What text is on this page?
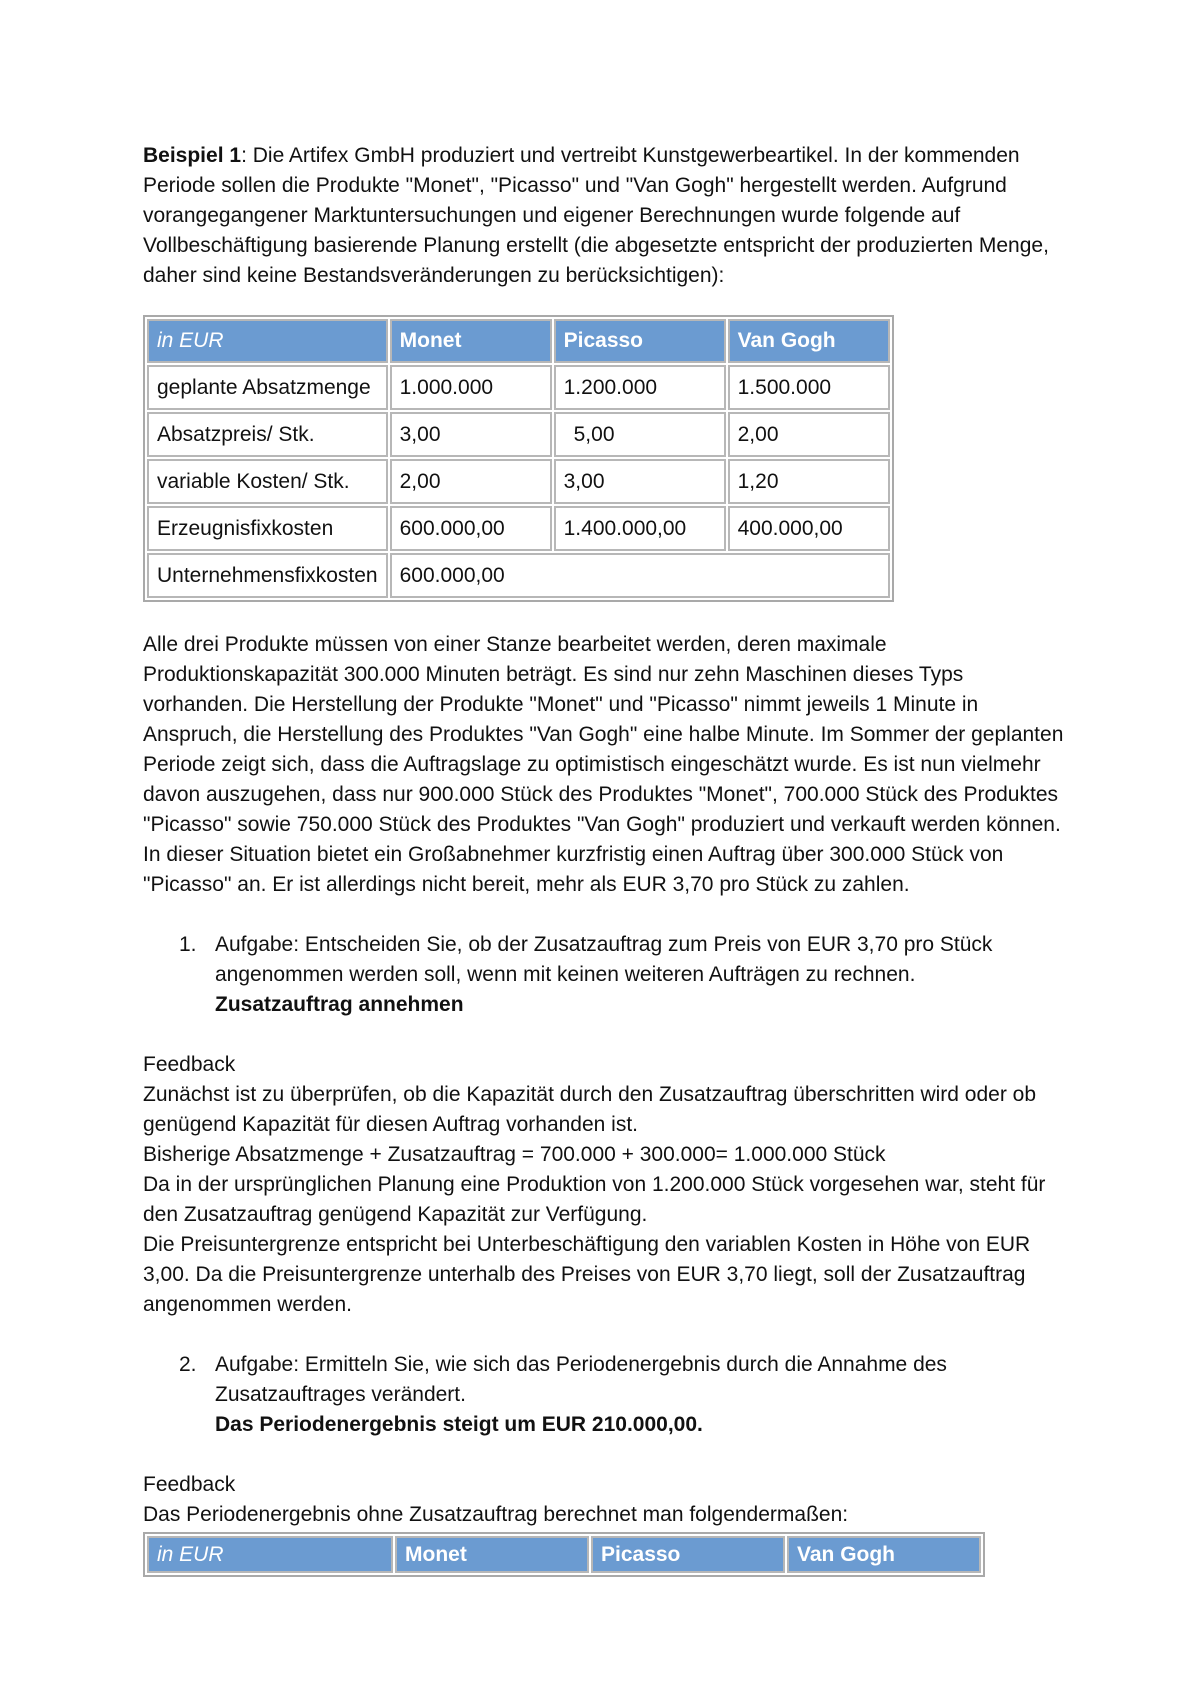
Beispiel 1: Die Artifex GmbH produziert und vertreibt Kunstgewerbeartikel. In der kommenden Periode sollen die Produkte "Monet", "Picasso" und "Van Gogh" hergestellt werden. Aufgrund vorangegangener Marktuntersuchungen und eigener Berechnungen wurde folgende auf Vollbeschäftigung basierende Planung erstellt (die abgesetzte entspricht der produzierten Menge, daher sind keine Bestandsveränderungen zu berücksichtigen):

in EUR	Monet	Picasso	Van Gogh
geplante Absatzmenge	1.000.000	1.200.000	1.500.000
Absatzpreis/ Stk.	3,00	5,00	2,00
variable Kosten/ Stk.	2,00	3,00	1,20
Erzeugnisfixkosten	600.000,00	1.400.000,00	400.000,00
Unternehmensfixkosten	600.000,00		

Alle drei Produkte müssen von einer Stanze bearbeitet werden, deren maximale Produktionskapazität 300.000 Minuten beträgt. Es sind nur zehn Maschinen dieses Typs vorhanden. Die Herstellung der Produkte "Monet" und "Picasso" nimmt jeweils 1 Minute in Anspruch, die Herstellung des Produktes "Van Gogh" eine halbe Minute. Im Sommer der geplanten Periode zeigt sich, dass die Auftragslage zu optimistisch eingeschätzt wurde. Es ist nun vielmehr davon auszugehen, dass nur 900.000 Stück des Produktes "Monet", 700.000 Stück des Produktes "Picasso" sowie 750.000 Stück des Produktes "Van Gogh" produziert und verkauft werden können. In dieser Situation bietet ein Großabnehmer kurzfristig einen Auftrag über 300.000 Stück von "Picasso" an. Er ist allerdings nicht bereit, mehr als EUR 3,70 pro Stück zu zahlen.

1. Aufgabe: Entscheiden Sie, ob der Zusatzauftrag zum Preis von EUR 3,70 pro Stück angenommen werden soll, wenn mit keinen weiteren Aufträgen zu rechnen.
Zusatzauftrag annehmen

Feedback

Zunächst ist zu überprüfen, ob die Kapazität durch den Zusatzauftrag überschritten wird oder ob genügend Kapazität für diesen Auftrag vorhanden ist.

Bisherige Absatzmenge + Zusatzauftrag = 700.000 + 300.000= 1.000.000 Stück

Da in der ursprünglichen Planung eine Produktion von 1.200.000 Stück vorgesehen war, steht für den Zusatzauftrag genügend Kapazität zur Verfügung.

Die Preisuntergrenze entspricht bei Unterbeschäftigung den variablen Kosten in Höhe von EUR 3,00. Da die Preisuntergrenze unterhalb des Preises von EUR 3,70 liegt, soll der Zusatzauftrag angenommen werden.

2. Aufgabe: Ermitteln Sie, wie sich das Periodenergebnis durch die Annahme des Zusatzauftrages verändert.
Das Periodenergebnis steigt um EUR 210.000,00.

Feedback

Das Periodenergebnis ohne Zusatzauftrag berechnet man folgendermaßen:

in EUR	Monet	Picasso	Van Gogh
